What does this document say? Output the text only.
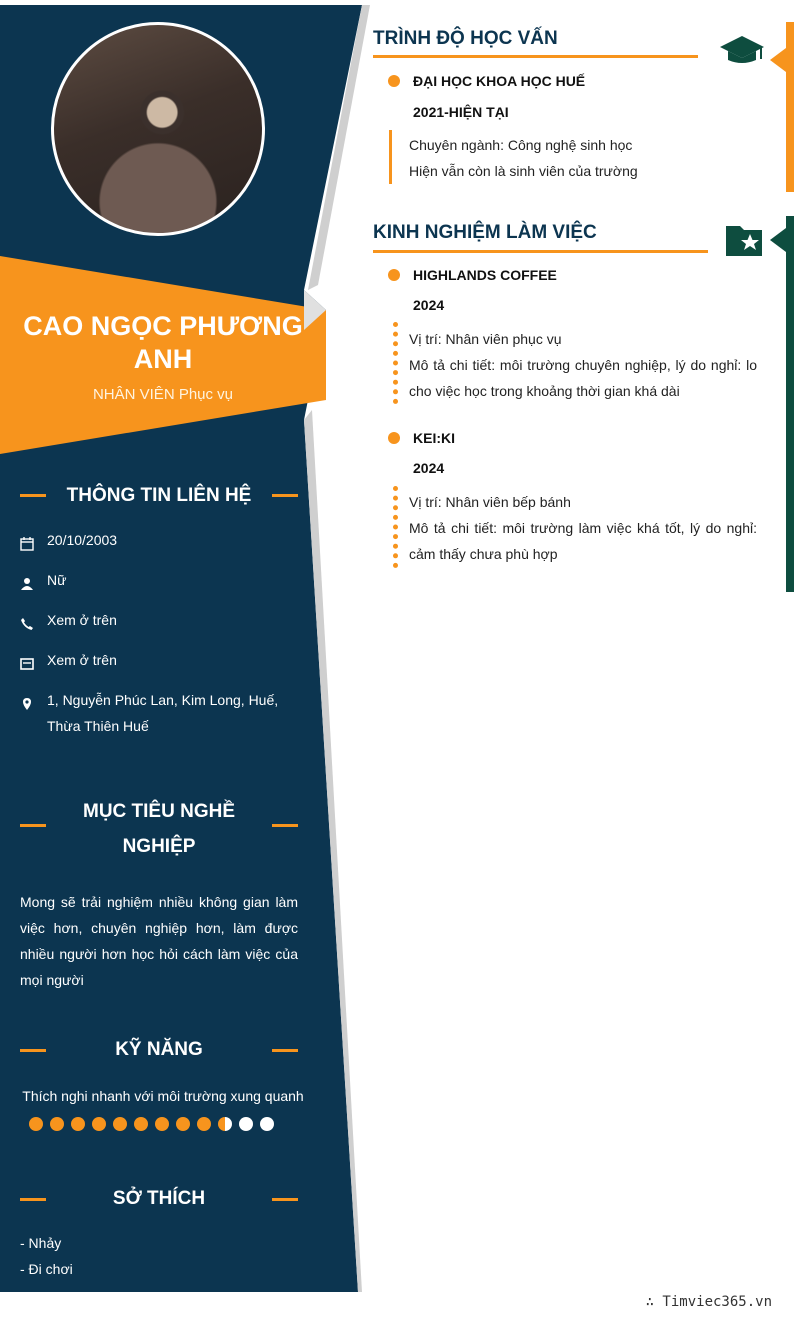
CAO NGỌC PHƯƠNG ANH
NHÂN VIÊN Phục vụ
THÔNG TIN LIÊN HỆ
20/10/2003
Nữ
Xem ở trên
Xem ở trên
1, Nguyễn Phúc Lan, Kim Long, Huế, Thừa Thiên Huế
MỤC TIÊU NGHỀ
NGHIỆP
Mong sẽ trải nghiệm nhiều không gian làm việc hơn, chuyên nghiệp hơn, làm được nhiều người hơn học hỏi cách làm việc của mọi người
KỸ NĂNG
Thích nghi nhanh với môi trường xung quanh
SỞ THÍCH
- Nhảy
- Đi chơi
TRÌNH ĐỘ HỌC VẤN
ĐẠI HỌC KHOA HỌC HUẾ
2021-HIỆN TẠI
Chuyên ngành: Công nghệ sinh học
Hiện vẫn còn là sinh viên của trường
KINH NGHIỆM LÀM VIỆC
HIGHLANDS COFFEE
2024
Vị trí: Nhân viên phục vụ
Mô tả chi tiết: môi trường chuyên nghiệp, lý do nghỉ: lo cho việc học trong khoảng thời gian khá dài
KEI:KI
2024
Vị trí: Nhân viên bếp bánh
Mô tả chi tiết: môi trường làm việc khá tốt, lý do nghỉ: cảm thấy chưa phù hợp
∴ Timviec365.vn
